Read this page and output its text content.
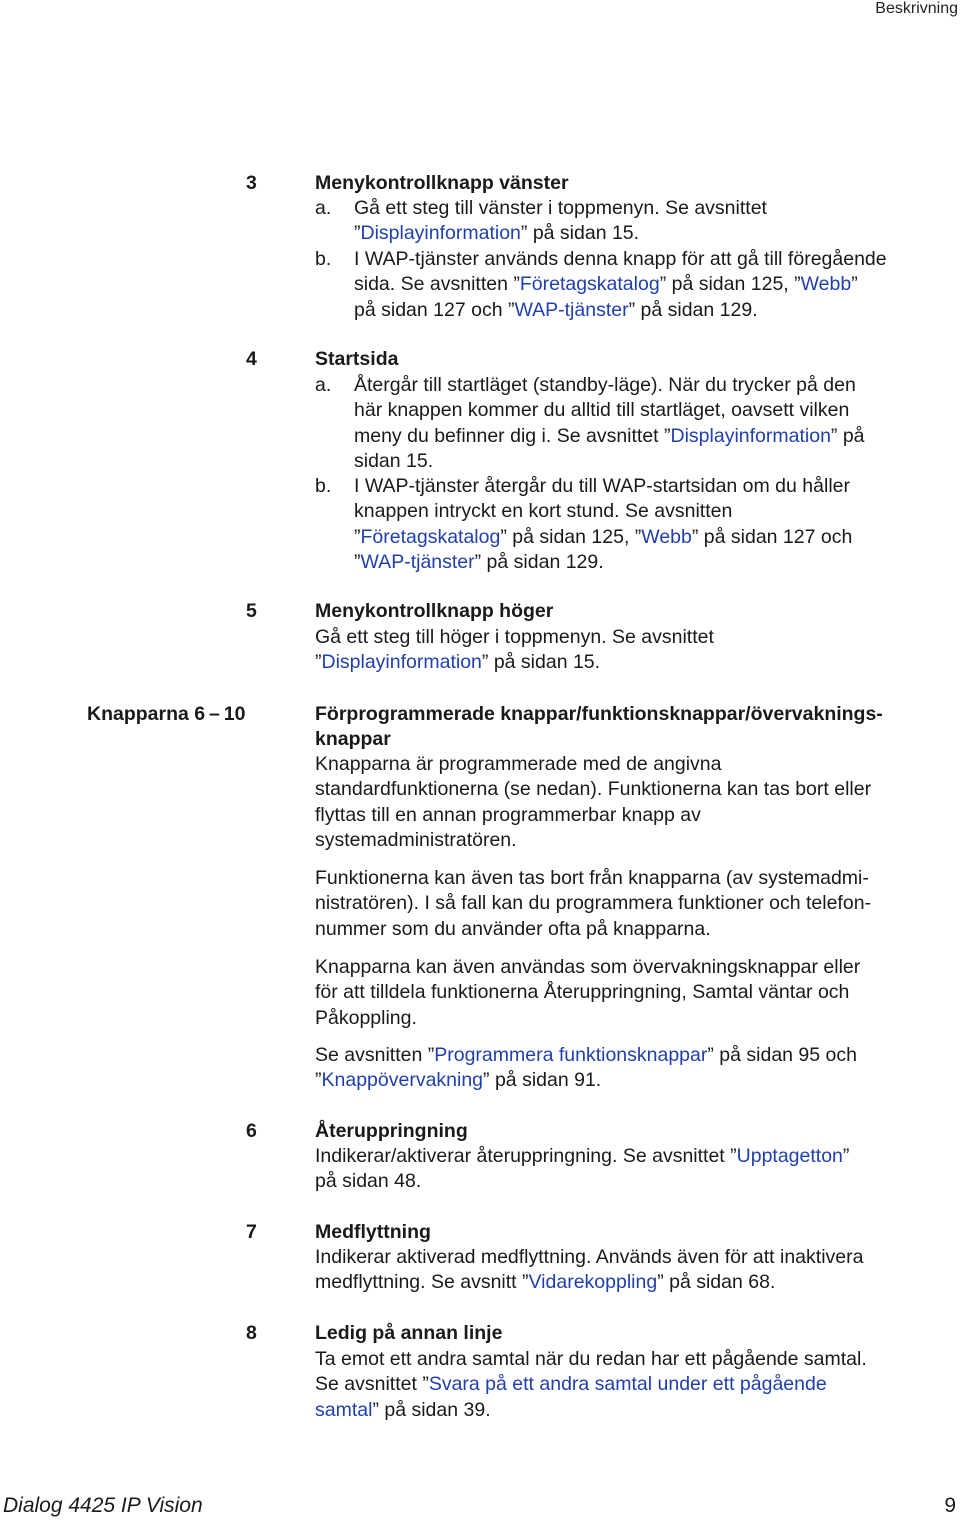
Beskrivning
3	Menykontrollknapp vänster
a. Gå ett steg till vänster i toppmenyn. Se avsnittet
”Displayinformation” på sidan 15.
b. I WAP-tjänster används denna knapp för att gå till föregående
sida. Se avsnitten ”Företagskatalog” på sidan 125, ”Webb”
på sidan 127 och ”WAP-tjänster” på sidan 129.
4	Startsida
a. Återgår till startläget (standby-läge). När du trycker på den
här knappen kommer du alltid till startläget, oavsett vilken
meny du befinner dig i. Se avsnittet ”Displayinformation” på
sidan 15.
b. I WAP-tjänster återgår du till WAP-startsidan om du håller
knappen intryckt en kort stund. Se avsnitten
”Företagskatalog” på sidan 125, ”Webb” på sidan 127 och
”WAP-tjänster” på sidan 129.
5	Menykontrollknapp höger
Gå ett steg till höger i toppmenyn. Se avsnittet
”Displayinformation” på sidan 15.
Knapparna 6 – 10	Förprogrammerade knappar/funktionsknappar/övervaknings-
knappar
Knapparna är programmerade med de angivna
standardfunktionerna (se nedan). Funktionerna kan tas bort eller
flyttas till en annan programmerbar knapp av
systemadministratören.
Funktionerna kan även tas bort från knapparna (av systemadmi-
nistratören). I så fall kan du programmera funktioner och telefon-
nummer som du använder ofta på knapparna.
Knapparna kan även användas som övervakningsknappar eller
för att tilldela funktionerna Återuppringning, Samtal väntar och
Påkoppling.
Se avsnitten ”Programmera funktionsknappar” på sidan 95 och
”Knappövervakning” på sidan 91.
6	Återuppringning
Indikerar/aktiverar återuppringning. Se avsnittet ”Upptagetton”
på sidan 48.
7	Medflyttning
Indikerar aktiverad medflyttning. Används även för att inaktivera
medflyttning. Se avsnitt ”Vidarekoppling” på sidan 68.
8	Ledig på annan linje
Ta emot ett andra samtal när du redan har ett pågående samtal.
Se avsnittet ”Svara på ett andra samtal under ett pågående
samtal” på sidan 39.
Dialog 4425 IP Vision	9
